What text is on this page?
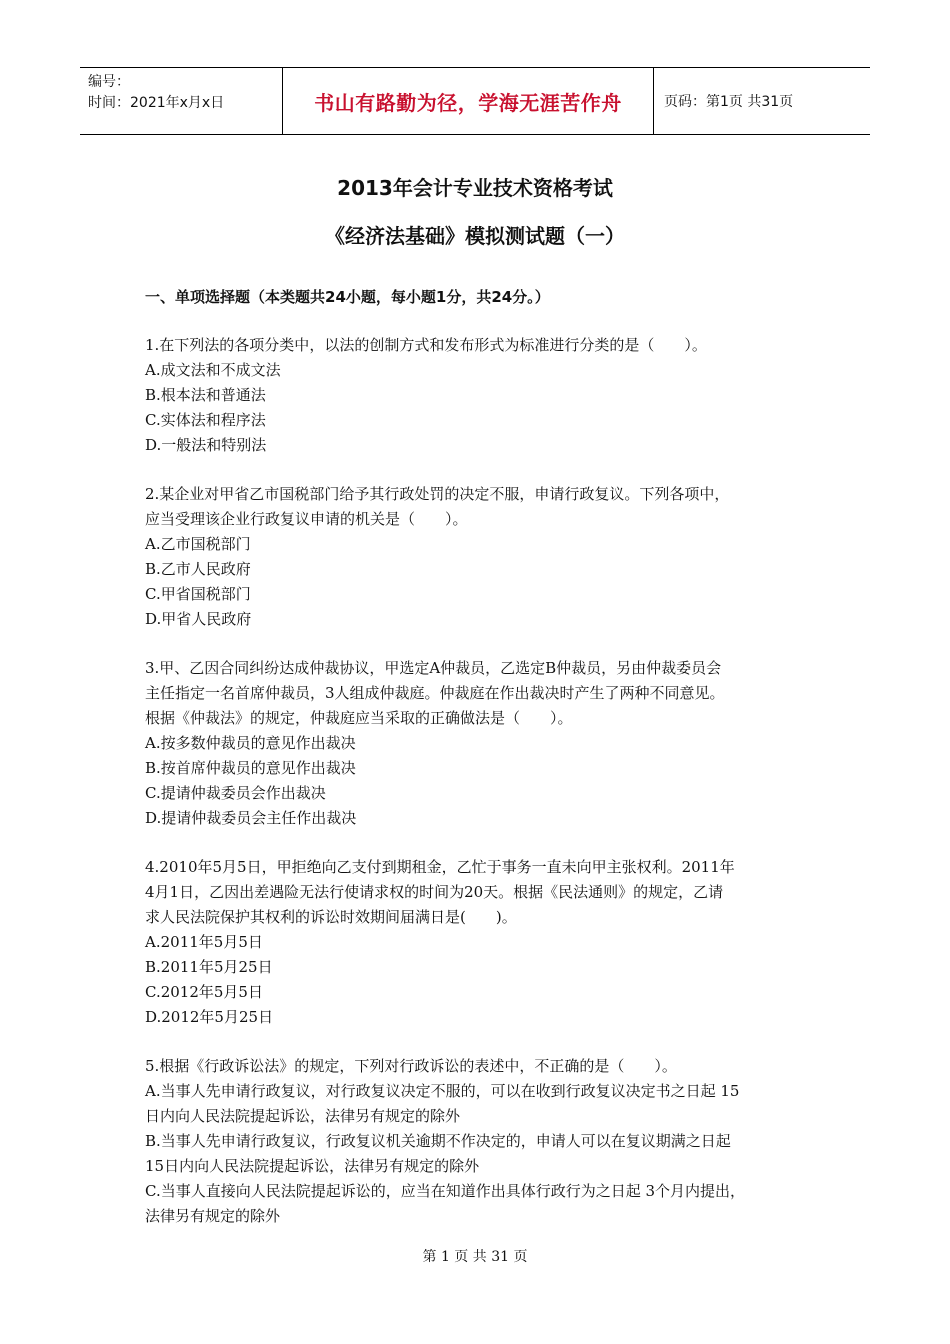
编号：
时间：2021年x月x日	书山有路勤为径，学海无涯苦作舟	页码：第1页 共31页
2013年会计专业技术资格考试
《经济法基础》模拟测试题（一）
一、单项选择题（本类题共24小题，每小题1分，共24分。）

1.在下列法的各项分类中，以法的创制方式和发布形式为标准进行分类的是（　　）。

A.成文法和不成文法

B.根本法和普通法

C.实体法和程序法

D.一般法和特别法

2.某企业对甲省乙市国税部门给予其行政处罚的决定不服，申请行政复议。下列各项中，

应当受理该企业行政复议申请的机关是（　　）。

A.乙市国税部门

B.乙市人民政府

C.甲省国税部门

D.甲省人民政府

3.甲、乙因合同纠纷达成仲裁协议，甲选定A仲裁员，乙选定B仲裁员，另由仲裁委员会

主任指定一名首席仲裁员，3人组成仲裁庭。仲裁庭在作出裁决时产生了两种不同意见。

根据《仲裁法》的规定，仲裁庭应当采取的正确做法是（　　）。

A.按多数仲裁员的意见作出裁决

B.按首席仲裁员的意见作出裁决

C.提请仲裁委员会作出裁决

D.提请仲裁委员会主任作出裁决

4.2010年5月5日，甲拒绝向乙支付到期租金，乙忙于事务一直未向甲主张权利。2011年

4月1日，乙因出差遇险无法行使请求权的时间为20天。根据《民法通则》的规定，乙请

求人民法院保护其权利的诉讼时效期间届满日是(　　)。

A.2011年5月5日

B.2011年5月25日

C.2012年5月5日

D.2012年5月25日

5.根据《行政诉讼法》的规定，下列对行政诉讼的表述中，不正确的是（　　）。

A.当事人先申请行政复议，对行政复议决定不服的，可以在收到行政复议决定书之日起 15

日内向人民法院提起诉讼，法律另有规定的除外

B.当事人先申请行政复议，行政复议机关逾期不作决定的，申请人可以在复议期满之日起

15日内向人民法院提起诉讼，法律另有规定的除外

C.当事人直接向人民法院提起诉讼的，应当在知道作出具体行政行为之日起 3个月内提出，

法律另有规定的除外

第 1 页 共 31 页
